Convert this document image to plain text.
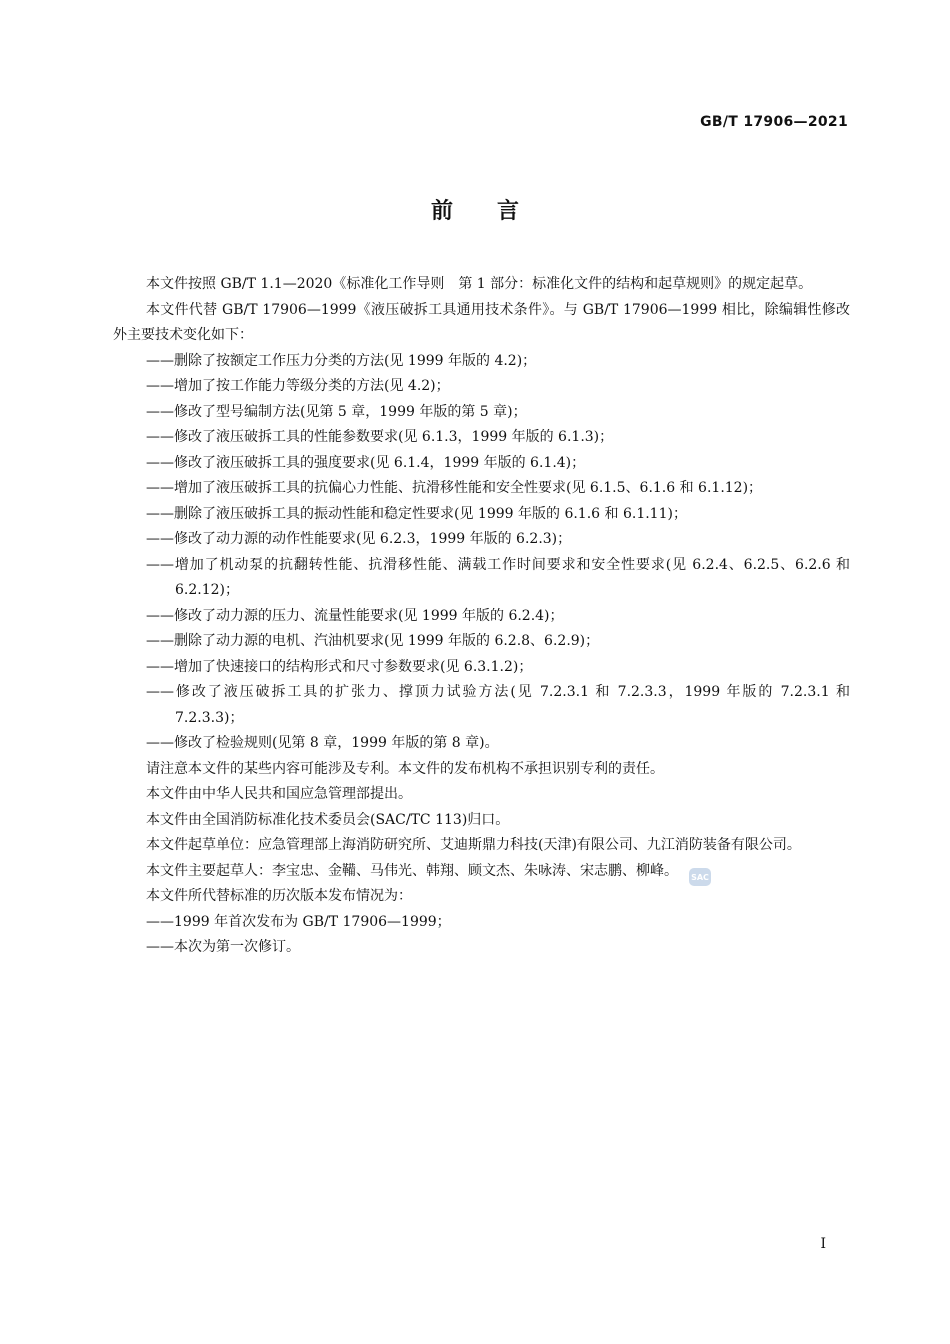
GB/T 17906—2021
前言

本文件按照 GB/T 1.1—2020《标准化工作导则　第 1 部分：标准化文件的结构和起草规则》的规定起草。

本文件代替 GB/T 17906—1999《液压破拆工具通用技术条件》。与 GB/T 17906—1999 相比，除编辑性修改外主要技术变化如下：

——删除了按额定工作压力分类的方法(见 1999 年版的 4.2)；

——增加了按工作能力等级分类的方法(见 4.2)；

——修改了型号编制方法(见第 5 章，1999 年版的第 5 章)；

——修改了液压破拆工具的性能参数要求(见 6.1.3，1999 年版的 6.1.3)；

——修改了液压破拆工具的强度要求(见 6.1.4，1999 年版的 6.1.4)；

——增加了液压破拆工具的抗偏心力性能、抗滑移性能和安全性要求(见 6.1.5、6.1.6 和 6.1.12)；

——删除了液压破拆工具的振动性能和稳定性要求(见 1999 年版的 6.1.6 和 6.1.11)；

——修改了动力源的动作性能要求(见 6.2.3，1999 年版的 6.2.3)；

——增加了机动泵的抗翻转性能、抗滑移性能、满载工作时间要求和安全性要求(见 6.2.4、6.2.5、6.2.6 和 6.2.12)；

——修改了动力源的压力、流量性能要求(见 1999 年版的 6.2.4)；

——删除了动力源的电机、汽油机要求(见 1999 年版的 6.2.8、6.2.9)；

——增加了快速接口的结构形式和尺寸参数要求(见 6.3.1.2)；

——修改了液压破拆工具的扩张力、撑顶力试验方法(见 7.2.3.1 和 7.2.3.3，1999 年版的 7.2.3.1 和 7.2.3.3)；

——修改了检验规则(见第 8 章，1999 年版的第 8 章)。

请注意本文件的某些内容可能涉及专利。本文件的发布机构不承担识别专利的责任。

本文件由中华人民共和国应急管理部提出。

本文件由全国消防标准化技术委员会(SAC/TC 113)归口。

本文件起草单位：应急管理部上海消防研究所、艾迪斯鼎力科技(天津)有限公司、九江消防装备有限公司。

本文件主要起草人：李宝忠、金鞴、马伟光、韩翔、顾文杰、朱咏涛、宋志鹏、柳峰。

本文件所代替标准的历次版本发布情况为：

——1999 年首次发布为 GB/T 17906—1999；

——本次为第一次修订。

SAC
I
